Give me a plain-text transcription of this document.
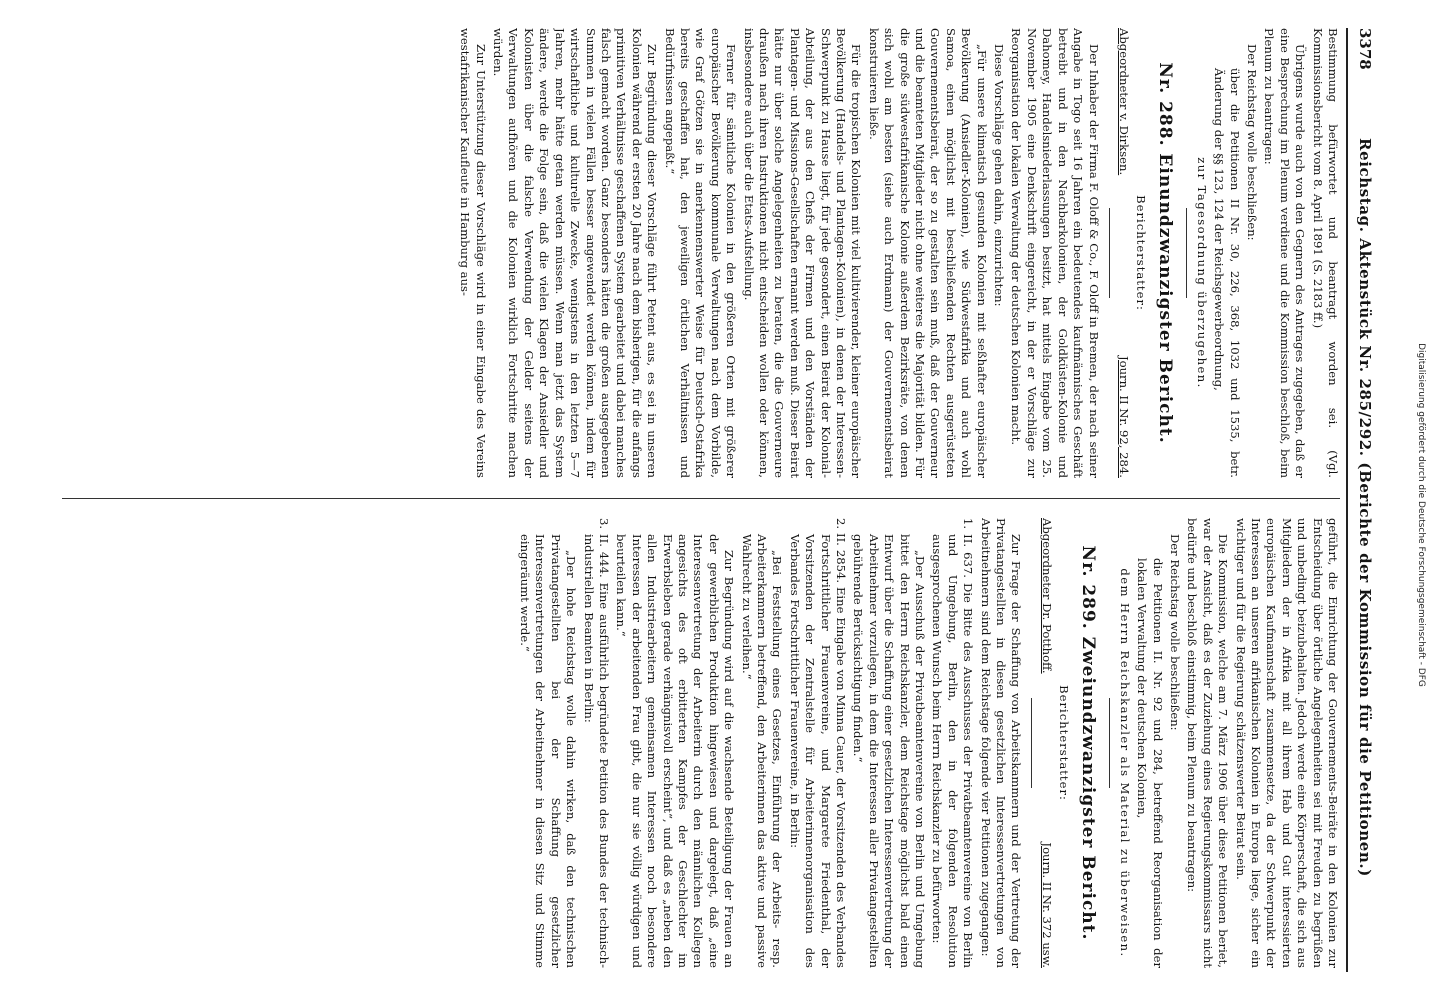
3378
Reichstag. Aktenstück Nr. 285/292. (Berichte der Kommission für die Petitionen.)

Bestimmung befürwortet und beantragt worden sei. (Vgl. Kommissionsbericht vom 8. April 1891 (S. 2183 ff.)

Übrigens wurde auch von den Gegnern des Antrages zugegeben, daß er eine Besprechung im Plenum verdiene und die Kommission beschloß, beim Plenum zu beantragen:

Der Reichstag wolle beschließen:

über die Petitionen II Nr. 30, 226, 368, 1032 und 1535, betr. Änderung der §§ 123, 124 der Reichsgewerbeordnung,

zur Tagesordnung überzugehen.

Nr. 288. Einundzwanzigster Bericht.
Berichterstatter:
Abgeordneter v. Dirksen.
Journ. II Nr. 92, 284.

Der Inhaber der Firma F. Oloff & Co., F. Oloff in Bremen, der nach seiner Angabe in Togo seit 16 Jahren ein bedeutendes kaufmännisches Geschäft betreibt und in den Nachbarkolonien, der Goldküsten-Kolonie und Dahomey, Handelsniederlassungen besitzt, hat mittels Eingabe vom 25. November 1905 eine Denkschrift eingereicht, in der er Vorschläge zur Reorganisation der lokalen Verwaltung der deutschen Kolonien macht.

Diese Vorschläge gehen dahin, einzurichten:

„Für unsere klimatisch gesunden Kolonien mit seßhafter europäischer Bevölkerung (Ansiedler-Kolonien), wie Südwestafrika und auch wohl Samoa, einen möglichst mit beschließenden Rechten ausgerüsteten Gouvernementsbeirat, der so zu gestalten sein muß, daß der Gouverneur und die beamteten Mitglieder nicht ohne weiteres die Majorität bilden. Für die große südwestafrikanische Kolonie außerdem Bezirksräte, von denen sich wohl am besten (siehe auch Erdmann) der Gouvernementsbeirat konstruieren ließe.

Für die tropischen Kolonien mit viel kultivierender, kleiner europäischer Bevölkerung (Handels- und Plantagen-Kolonien), in denen der Interessen-Schwerpunkt zu Hause liegt, für jede gesondert, einen Beirat der Kolonial-Abteilung, der aus den Chefs der Firmen und den Vorständen der Plantagen- und Missions-Gesellschaften ernannt werden muß. Dieser Beirat hätte nur über solche Angelegenheiten zu beraten, die die Gouverneure draußen nach ihren Instruktionen nicht entscheiden wollen oder können, insbesondere auch über die Etats-Aufstellung.

Ferner für sämtliche Kolonien in den größeren Orten mit größerer europäischer Bevölkerung kommunale Verwaltungen nach dem Vorbilde, wie Graf Götzen sie in anerkennenswerter Weise für Deutsch-Ostafrika bereits geschaffen hat, den jeweiligen örtlichen Verhältnissen und Bedürfnissen angepaßt.“

Zur Begründung dieser Vorschläge führt Petent aus, es sei in unseren Kolonien während der ersten 20 Jahre nach dem bisherigen, für die anfangs primitiven Verhältnisse geschaffenen System gearbeitet und dabei manches falsch gemacht worden. Ganz besonders hätten die großen ausgegebenen Summen in vielen Fällen besser angewendet werden können, indem für wirtschaftliche und kulturelle Zwecke, wenigstens in den letzten 5—7 Jahren, mehr hätte getan werden müssen. Wenn man jetzt das System ändere, werde die Folge sein, daß die vielen Klagen der Ansiedler und Kolonisten über die falsche Verwendung der Gelder seitens der Verwaltungen aufhören und die Kolonien wirklich Fortschritte machen würden.

Zur Unterstützung dieser Vorschläge wird in einer Eingabe des Vereins westafrikanischer Kaufleute in Hamburg aus-

geführt, die Einrichtung der Gouvernements-Beiräte in den Kolonien zur Entscheidung über örtliche Angelegenheiten sei mit Freuden zu begrüßen und unbedingt beizubehalten. Jedoch werde eine Körperschaft, die sich aus Mitgliedern der in Afrika mit all ihrem Hab und Gut interessierten europäischen Kaufmannschaft zusammensetze, da der Schwerpunkt der Interessen an unseren afrikanischen Kolonien in Europa liege, sicher ein wichtiger und für die Regierung schätzenswerter Beirat sein.

Die Kommission, welche am 7. März 1906 über diese Petitionen beriet, war der Ansicht, daß es der Zuziehung eines Regierungskommissars nicht bedürfe und beschloß einstimmig, beim Plenum zu beantragen:

Der Reichstag wolle beschließen:

die Petitionen II. Nr. 92 und 284, betreffend Reorganisation der lokalen Verwaltung der deutschen Kolonien,

dem Herrn Reichskanzler als Material zu überweisen.

Nr. 289. Zweiundzwanzigster Bericht.
Berichterstatter:
Abgeordneter Dr. Potthoff.
Journ. II Nr. 372 usw.

Zur Frage der Schaffung von Arbeitskammern und der Vertretung der Privatangestellten in diesen gesetzlichen Interessenvertretungen von Arbeitnehmern sind dem Reichstage folgende vier Petitionen zugegangen:

1. II. 637. Die Bitte des Ausschusses der Privatbeamtenvereine von Berlin und Umgebung, Berlin, den in der folgenden Resolution ausgesprochenen Wunsch beim Herrn Reichskanzler zu befürworten:

„Der Ausschuß der Privatbeamtenvereine von Berlin und Umgebung bittet den Herrn Reichskanzler, dem Reichstage möglichst bald einen Entwurf über die Schaffung einer gesetzlichen Interessenvertretung der Arbeitnehmer vorzulegen, in dem die Interessen aller Privatangestellten gebührende Berücksichtigung finden.“

2. II. 2854. Eine Eingabe von Minna Cauer, der Vorsitzenden des Verbandes Fortschrittlicher Frauenvereine, und Margarete Friedenthal, der Vorsitzenden der Zentralstelle für Arbeiterinnenorganisation des Verbandes Fortschrittlicher Frauenvereine, in Berlin:

„Bei Feststellung eines Gesetzes, Einführung der Arbeits- resp. Arbeiterkammern betreffend, den Arbeiterinnen das aktive und passive Wahlrecht zu verleihen.“

Zur Begründung wird auf die wachsende Beteiligung der Frauen an der gewerblichen Produktion hingewiesen und dargelegt, daß „eine Interessenvertretung der Arbeiterin durch den männlichen Kollegen angesichts des oft erbitterten Kampfes der Geschlechter im Erwerbsleben gerade verhängnisvoll erscheint“, und daß es „neben den allen Industriearbeitern gemeinsamen Interessen noch besondere Interessen der arbeitenden Frau gibt, die nur sie völlig würdigen und beurteilen kann.“

3. II. 444. Eine ausführlich begründete Petition des Bundes der technisch-industriellen Beamten in Berlin:

„Der hohe Reichstag wolle dahin wirken, daß den technischen Privatangestellten bei der Schaffung gesetzlicher Interessenvertretungen der Arbeitnehmer in diesen Sitz und Stimme eingeräumt werde.“	Digitalisierung gefördert durch die Deutsche Forschungsgemeinschaft - DFG
